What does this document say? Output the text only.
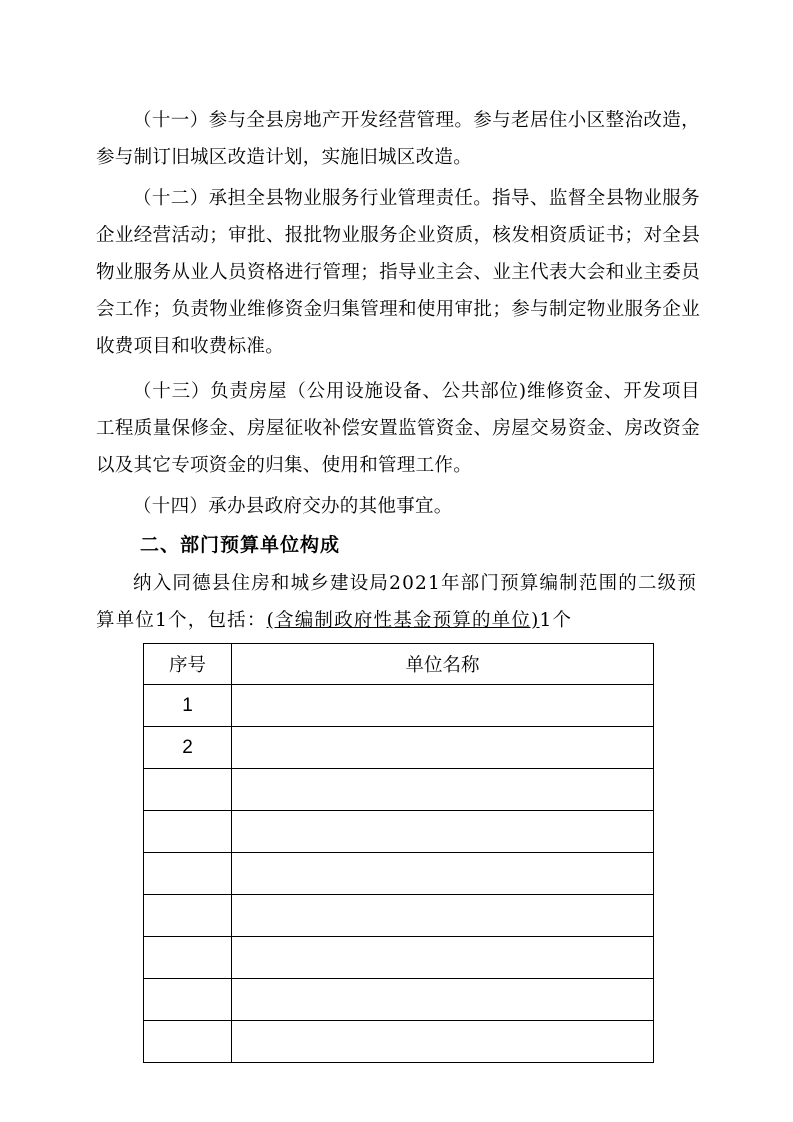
（十一）参与全县房地产开发经营管理。参与老居住小区整治改造，参与制订旧城区改造计划，实施旧城区改造。

（十二）承担全县物业服务行业管理责任。指导、监督全县物业服务企业经营活动；审批、报批物业服务企业资质，核发相资质证书；对全县物业服务从业人员资格进行管理；指导业主会、业主代表大会和业主委员会工作；负责物业维修资金归集管理和使用审批；参与制定物业服务企业收费项目和收费标准。

（十三）负责房屋（公用设施设备、公共部位)维修资金、开发项目工程质量保修金、房屋征收补偿安置监管资金、房屋交易资金、房改资金以及其它专项资金的归集、使用和管理工作。

（十四）承办县政府交办的其他事宜。

二、部门预算单位构成

纳入同德县住房和城乡建设局2021年部门预算编制范围的二级预算单位1个，包括：(含编制政府性基金预算的单位)1个

序号	单位名称
1	
2	
